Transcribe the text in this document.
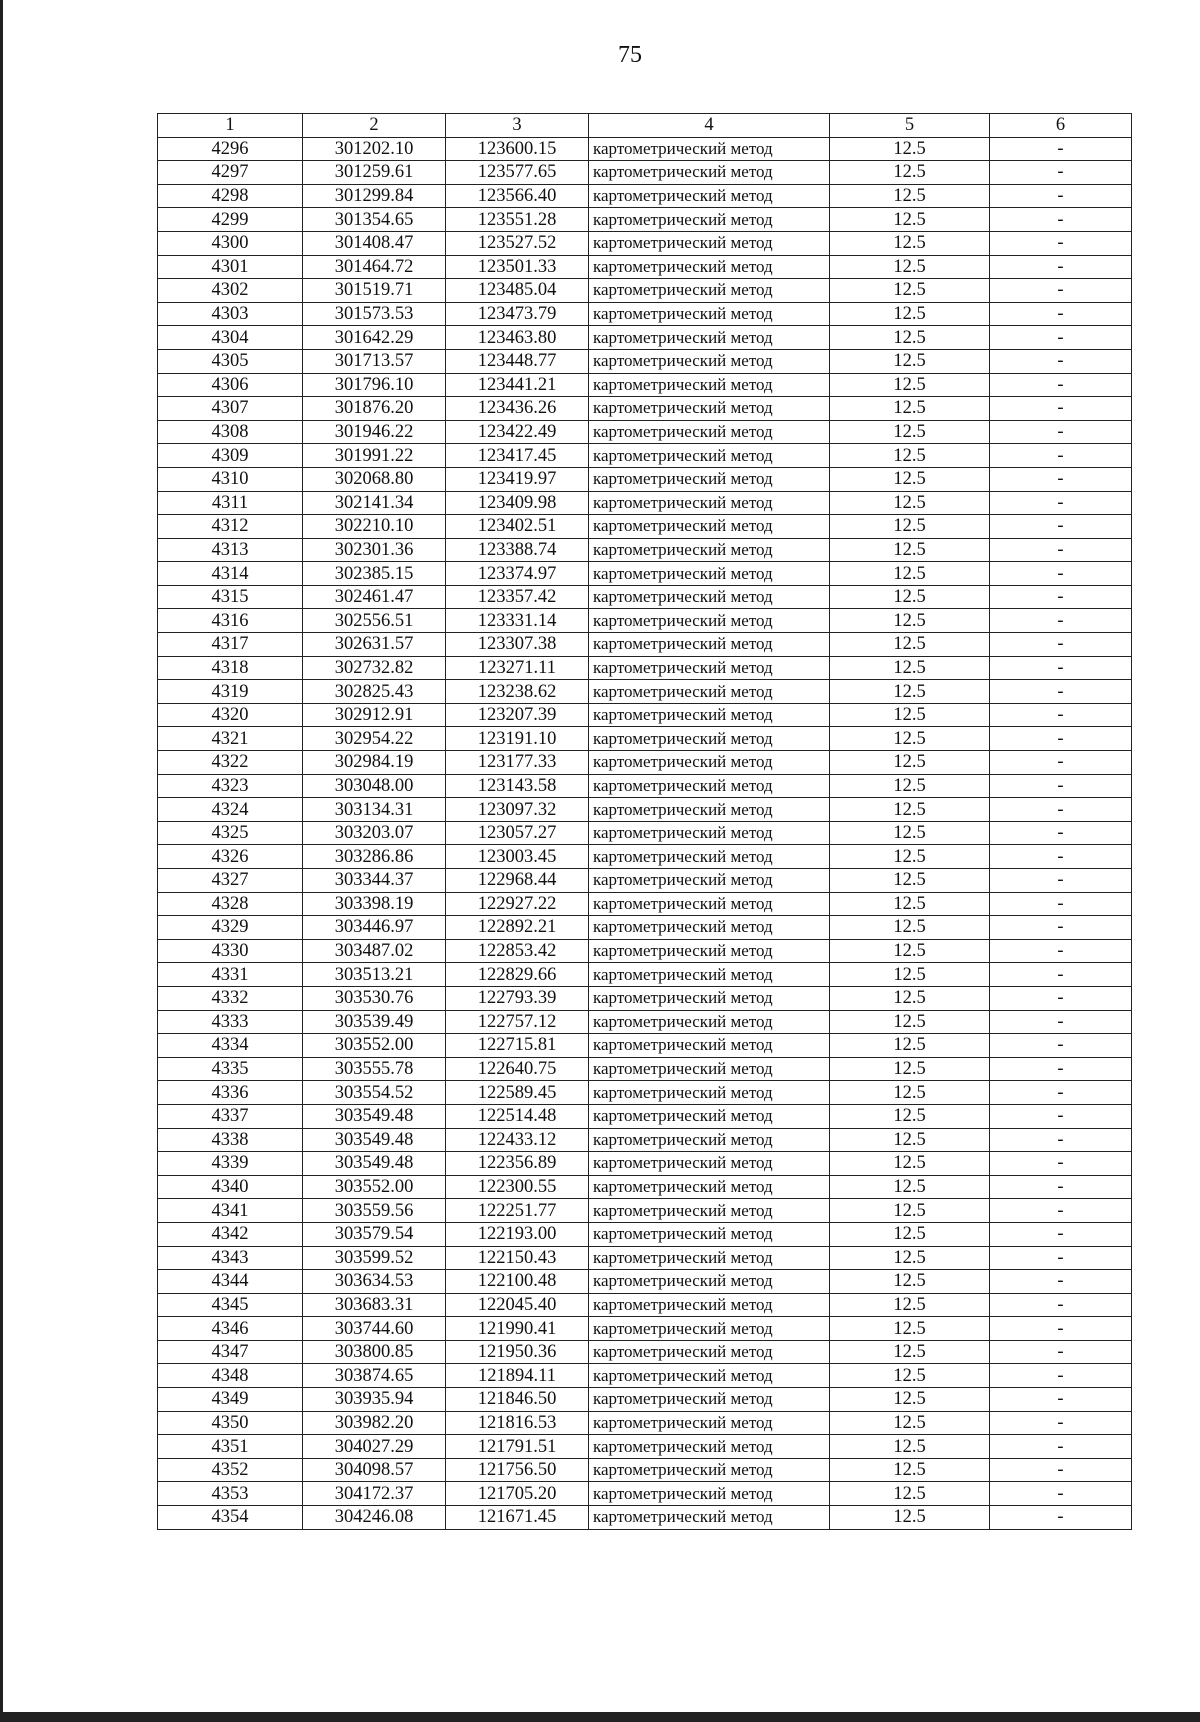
75
1	2	3	4	5	6
4296	301202.10	123600.15	картометрический метод	12.5	-
4297	301259.61	123577.65	картометрический метод	12.5	-
4298	301299.84	123566.40	картометрический метод	12.5	-
4299	301354.65	123551.28	картометрический метод	12.5	-
4300	301408.47	123527.52	картометрический метод	12.5	-
4301	301464.72	123501.33	картометрический метод	12.5	-
4302	301519.71	123485.04	картометрический метод	12.5	-
4303	301573.53	123473.79	картометрический метод	12.5	-
4304	301642.29	123463.80	картометрический метод	12.5	-
4305	301713.57	123448.77	картометрический метод	12.5	-
4306	301796.10	123441.21	картометрический метод	12.5	-
4307	301876.20	123436.26	картометрический метод	12.5	-
4308	301946.22	123422.49	картометрический метод	12.5	-
4309	301991.22	123417.45	картометрический метод	12.5	-
4310	302068.80	123419.97	картометрический метод	12.5	-
4311	302141.34	123409.98	картометрический метод	12.5	-
4312	302210.10	123402.51	картометрический метод	12.5	-
4313	302301.36	123388.74	картометрический метод	12.5	-
4314	302385.15	123374.97	картометрический метод	12.5	-
4315	302461.47	123357.42	картометрический метод	12.5	-
4316	302556.51	123331.14	картометрический метод	12.5	-
4317	302631.57	123307.38	картометрический метод	12.5	-
4318	302732.82	123271.11	картометрический метод	12.5	-
4319	302825.43	123238.62	картометрический метод	12.5	-
4320	302912.91	123207.39	картометрический метод	12.5	-
4321	302954.22	123191.10	картометрический метод	12.5	-
4322	302984.19	123177.33	картометрический метод	12.5	-
4323	303048.00	123143.58	картометрический метод	12.5	-
4324	303134.31	123097.32	картометрический метод	12.5	-
4325	303203.07	123057.27	картометрический метод	12.5	-
4326	303286.86	123003.45	картометрический метод	12.5	-
4327	303344.37	122968.44	картометрический метод	12.5	-
4328	303398.19	122927.22	картометрический метод	12.5	-
4329	303446.97	122892.21	картометрический метод	12.5	-
4330	303487.02	122853.42	картометрический метод	12.5	-
4331	303513.21	122829.66	картометрический метод	12.5	-
4332	303530.76	122793.39	картометрический метод	12.5	-
4333	303539.49	122757.12	картометрический метод	12.5	-
4334	303552.00	122715.81	картометрический метод	12.5	-
4335	303555.78	122640.75	картометрический метод	12.5	-
4336	303554.52	122589.45	картометрический метод	12.5	-
4337	303549.48	122514.48	картометрический метод	12.5	-
4338	303549.48	122433.12	картометрический метод	12.5	-
4339	303549.48	122356.89	картометрический метод	12.5	-
4340	303552.00	122300.55	картометрический метод	12.5	-
4341	303559.56	122251.77	картометрический метод	12.5	-
4342	303579.54	122193.00	картометрический метод	12.5	-
4343	303599.52	122150.43	картометрический метод	12.5	-
4344	303634.53	122100.48	картометрический метод	12.5	-
4345	303683.31	122045.40	картометрический метод	12.5	-
4346	303744.60	121990.41	картометрический метод	12.5	-
4347	303800.85	121950.36	картометрический метод	12.5	-
4348	303874.65	121894.11	картометрический метод	12.5	-
4349	303935.94	121846.50	картометрический метод	12.5	-
4350	303982.20	121816.53	картометрический метод	12.5	-
4351	304027.29	121791.51	картометрический метод	12.5	-
4352	304098.57	121756.50	картометрический метод	12.5	-
4353	304172.37	121705.20	картометрический метод	12.5	-
4354	304246.08	121671.45	картометрический метод	12.5	-
